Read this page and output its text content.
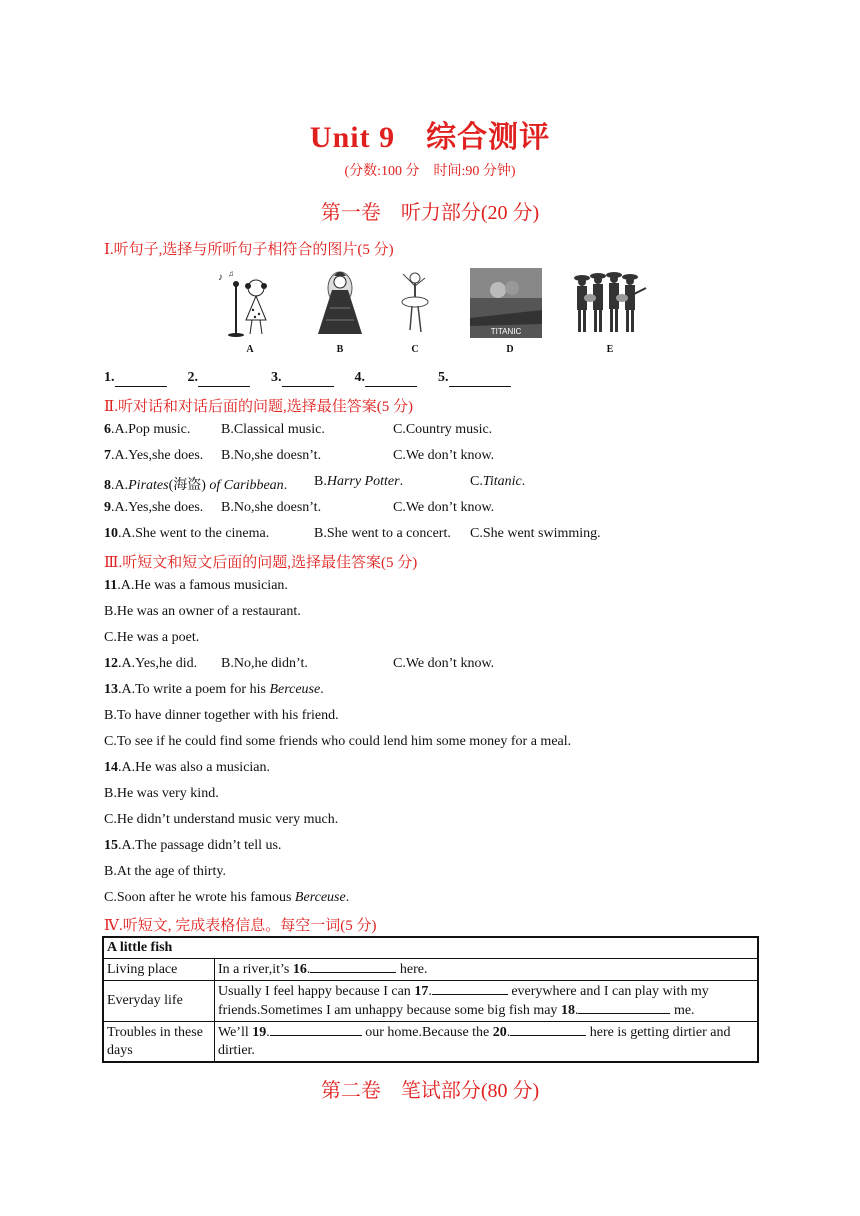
Unit 9　综合测评
(分数:100 分　时间:90 分钟)
第一卷　听力部分(20 分)
Ⅰ.听句子,选择与所听句子相符合的图片(5 分)
♪ ♫
A	B	C
TITANIC
D	E
1.	2.	3.	4.	5.
Ⅱ.听对话和对话后面的问题,选择最佳答案(5 分)
6.A.Pop music. B.Classical music.	C.Country music.
7.A.Yes,she does. B.No,she doesn’t.	C.We don’t know.
8.A.Pirates(海盗) of Caribbean. B.Harry Potter.	C.Titanic.
9.A.Yes,she does. B.No,she doesn’t.	C.We don’t know.
10.A.She went to the cinema.	B.She went to a concert. C.She went swimming.
Ⅲ.听短文和短文后面的问题,选择最佳答案(5 分)
11.A.He was a famous musician.
B.He was an owner of a restaurant.
C.He was a poet.
12.A.Yes,he did. B.No,he didn’t.	C.We don’t know.
13.A.To write a poem for his Berceuse.
B.To have dinner together with his friend.
C.To see if he could find some friends who could lend him some money for a meal.
14.A.He was also a musician.
B.He was very kind.
C.He didn’t understand music very much.
15.A.The passage didn’t tell us.
B.At the age of thirty.
C.Soon after he wrote his famous Berceuse.
Ⅳ.听短文, 完成表格信息。每空一词(5 分)
A little fish	
Living place	In a river,it’s 16. here.
Everyday life	Usually I feel happy because I can 17. everywhere and I can play with my friends.Sometimes I am unhappy because some big fish may 18. me.
Troubles in these days	We’ll 19. our home.Because the 20. here is getting dirtier and dirtier.
第二卷　笔试部分(80 分)
